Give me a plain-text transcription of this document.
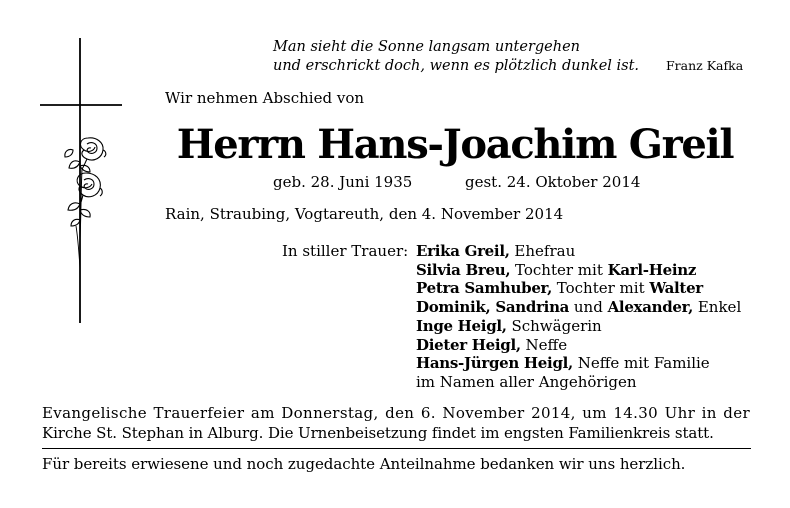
Man sieht die Sonne langsam untergehen
und erschrickt doch, wenn es plötzlich dunkel ist. Franz Kafka
Wir nehmen Abschied von
Herrn Hans-Joachim Greil
geb. 28. Juni 1935	gest. 24. Oktober 2014
Rain, Straubing, Vogtareuth, den 4. November 2014
In stiller Trauer: Erika Greil, Ehefrau
Silvia Breu, Tochter mit Karl-Heinz
Petra Samhuber, Tochter mit Walter
Dominik, Sandrina und Alexander, Enkel
Inge Heigl, Schwägerin
Dieter Heigl, Neffe
Hans-Jürgen Heigl, Neffe mit Familie
im Namen aller Angehörigen
Evangelische Trauerfeier am Donnerstag, den 6. November 2014, um 14.30 Uhr in der
Kirche St. Stephan in Alburg. Die Urnenbeisetzung findet im engsten Familienkreis statt.
Für bereits erwiesene und noch zugedachte Anteilnahme bedanken wir uns herzlich.
